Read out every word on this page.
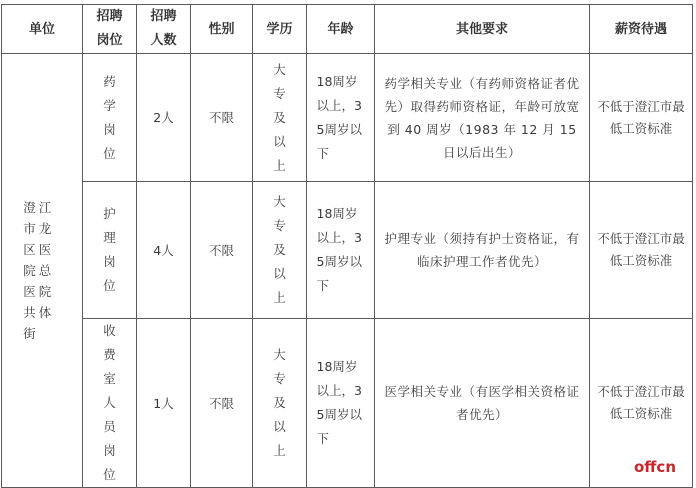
单位	招聘岗位	招聘人数	性别	学历	年龄	其他要求	薪资待遇
澄江市龙区医院总医院共体街	药学岗位	2人	不限	大专及以上	18周岁以上，35周岁以下	药学相关专业（有药师资格证者优先）取得药师资格证，年龄可放宽到 40 周岁（1983 年 12 月 15 日以后出生）	不低于澄江市最低工资标准
	护理岗位	4人	不限	大专及以上	18周岁以上，35周岁以下	护理专业（须持有护士资格证，有临床护理工作者优先）	不低于澄江市最低工资标准
	收费室人员岗位	1人	不限	大专及以上	18周岁以上，35周岁以下	医学相关专业（有医学相关资格证者优先）	不低于澄江市最低工资标准
offcn
